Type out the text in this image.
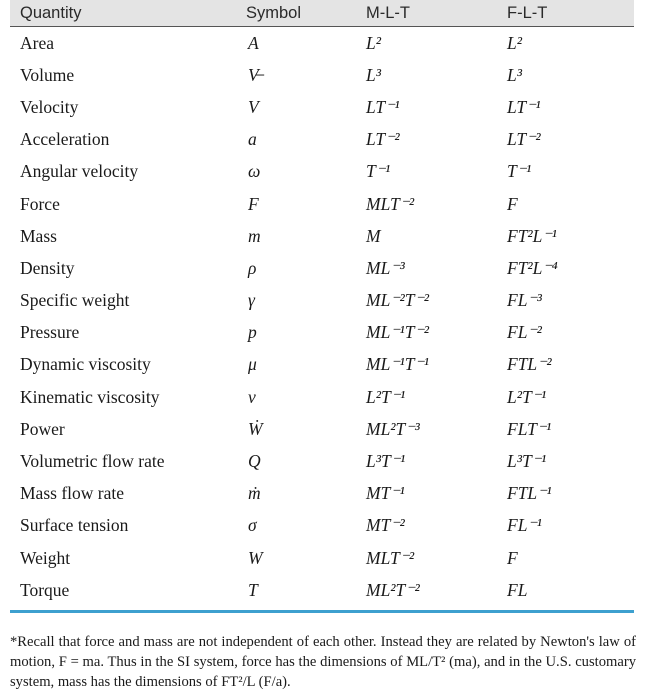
Quantity	Symbol	M-L-T	F-L-T
Area	A	L²	L²
Volume	V̶	L³	L³
Velocity	V	LT⁻¹	LT⁻¹
Acceleration	a	LT⁻²	LT⁻²
Angular velocity	ω	T⁻¹	T⁻¹
Force	F	MLT⁻²	F
Mass	m	M	FT²L⁻¹
Density	ρ	ML⁻³	FT²L⁻⁴
Specific weight	γ	ML⁻²T⁻²	FL⁻³
Pressure	p	ML⁻¹T⁻²	FL⁻²
Dynamic viscosity	μ	ML⁻¹T⁻¹	FTL⁻²
Kinematic viscosity	ν	L²T⁻¹	L²T⁻¹
Power	Ẇ	ML²T⁻³	FLT⁻¹
Volumetric flow rate	Q	L³T⁻¹	L³T⁻¹
Mass flow rate	ṁ	MT⁻¹	FTL⁻¹
Surface tension	σ	MT⁻²	FL⁻¹
Weight	W	MLT⁻²	F
Torque	T	ML²T⁻²	FL
*Recall that force and mass are not independent of each other. Instead they are related by Newton's law of motion, F = ma. Thus in the SI system, force has the dimensions of ML/T² (ma), and in the U.S. customary system, mass has the dimensions of FT²/L (F/a).
